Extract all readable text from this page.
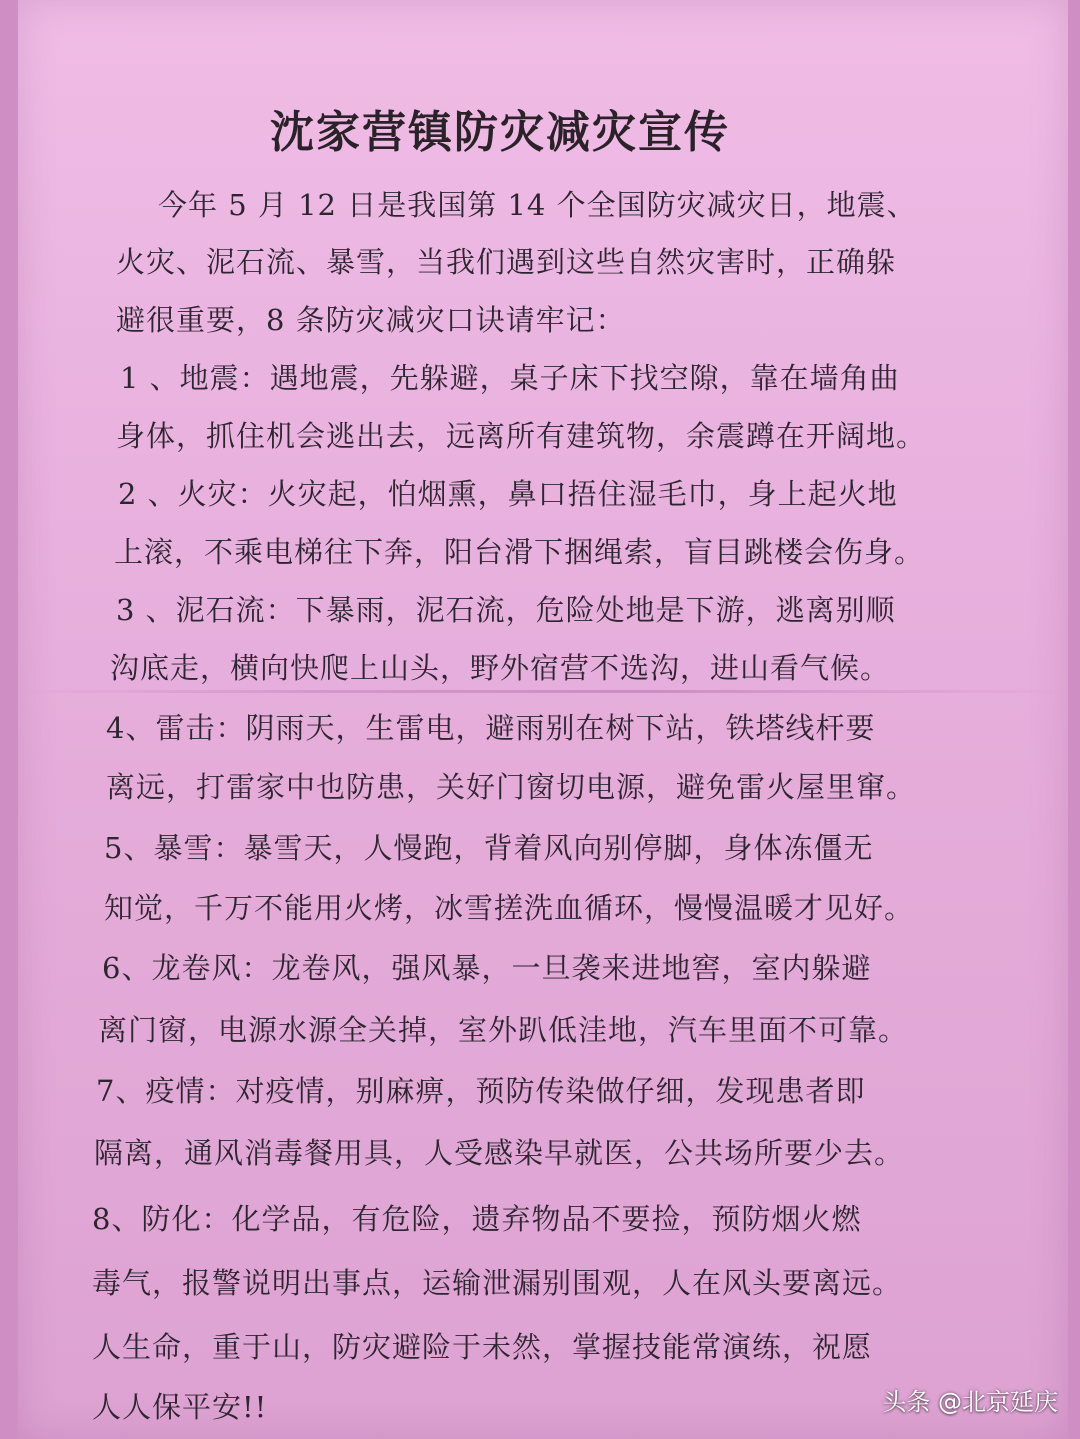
沈家营镇防灾减灾宣传
今年 5 月 12 日是我国第 14 个全国防灾减灾日，地震、
火灾、泥石流、暴雪，当我们遇到这些自然灾害时，正确躲
避很重要，8 条防灾减灾口诀请牢记：
1 、地震：遇地震，先躲避，桌子床下找空隙，靠在墙角曲
身体，抓住机会逃出去，远离所有建筑物，余震蹲在开阔地。
2 、火灾：火灾起，怕烟熏，鼻口捂住湿毛巾，身上起火地
上滚，不乘电梯往下奔，阳台滑下捆绳索，盲目跳楼会伤身。
3 、泥石流：下暴雨，泥石流，危险处地是下游，逃离别顺
沟底走，横向快爬上山头，野外宿营不选沟，进山看气候。
4、雷击：阴雨天，生雷电，避雨别在树下站，铁塔线杆要
离远，打雷家中也防患，关好门窗切电源，避免雷火屋里窜。
5、暴雪：暴雪天，人慢跑，背着风向别停脚，身体冻僵无
知觉，千万不能用火烤，冰雪搓洗血循环，慢慢温暖才见好。
6、龙卷风：龙卷风，强风暴，一旦袭来进地窖，室内躲避
离门窗，电源水源全关掉，室外趴低洼地，汽车里面不可靠。
7、疫情：对疫情，别麻痹，预防传染做仔细，发现患者即
隔离，通风消毒餐用具，人受感染早就医，公共场所要少去。
8、防化：化学品，有危险，遗弃物品不要捡，预防烟火燃
毒气，报警说明出事点，运输泄漏别围观，人在风头要离远。
人生命，重于山，防灾避险于未然，掌握技能常演练，祝愿
人人保平安!!	头条 @北京延庆
